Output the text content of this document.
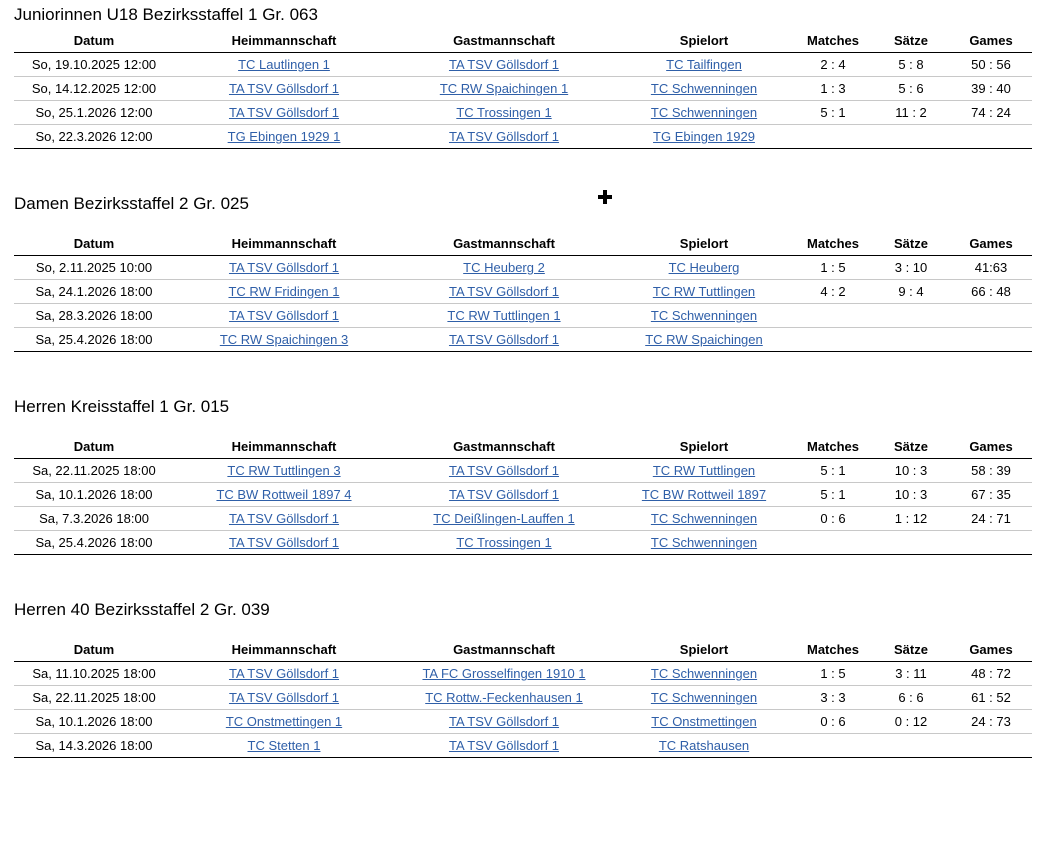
Juniorinnen U18 Bezirksstaffel 1 Gr. 063
Datum	Heimmannschaft	Gastmannschaft	Spielort	Matches	Sätze	Games
So, 19.10.2025 12:00	TC Lautlingen 1	TA TSV Göllsdorf 1	TC Tailfingen	2 : 4	5 : 8	50 : 56
So, 14.12.2025 12:00	TA TSV Göllsdorf 1	TC RW Spaichingen 1	TC Schwenningen	1 : 3	5 : 6	39 : 40
So, 25.1.2026 12:00	TA TSV Göllsdorf 1	TC Trossingen 1	TC Schwenningen	5 : 1	11 : 2	74 : 24
So, 22.3.2026 12:00	TG Ebingen 1929 1	TA TSV Göllsdorf 1	TG Ebingen 1929			
Damen Bezirksstaffel 2 Gr. 025
Datum	Heimmannschaft	Gastmannschaft	Spielort	Matches	Sätze	Games
So, 2.11.2025 10:00	TA TSV Göllsdorf 1	TC Heuberg 2	TC Heuberg	1 : 5	3 : 10	41:63
Sa, 24.1.2026 18:00	TC RW Fridingen 1	TA TSV Göllsdorf 1	TC RW Tuttlingen	4 : 2	9 : 4	66 : 48
Sa, 28.3.2026 18:00	TA TSV Göllsdorf 1	TC RW Tuttlingen 1	TC Schwenningen			
Sa, 25.4.2026 18:00	TC RW Spaichingen 3	TA TSV Göllsdorf 1	TC RW Spaichingen			
Herren Kreisstaffel 1 Gr. 015
Datum	Heimmannschaft	Gastmannschaft	Spielort	Matches	Sätze	Games
Sa, 22.11.2025 18:00	TC RW Tuttlingen 3	TA TSV Göllsdorf 1	TC RW Tuttlingen	5 : 1	10 : 3	58 : 39
Sa, 10.1.2026 18:00	TC BW Rottweil 1897 4	TA TSV Göllsdorf 1	TC BW Rottweil 1897	5 : 1	10 : 3	67 : 35
Sa, 7.3.2026 18:00	TA TSV Göllsdorf 1	TC Deißlingen-Lauffen 1	TC Schwenningen	0 : 6	1 : 12	24 : 71
Sa, 25.4.2026 18:00	TA TSV Göllsdorf 1	TC Trossingen 1	TC Schwenningen			
Herren 40 Bezirksstaffel 2 Gr. 039
Datum	Heimmannschaft	Gastmannschaft	Spielort	Matches	Sätze	Games
Sa, 11.10.2025 18:00	TA TSV Göllsdorf 1	TA FC Grosselfingen 1910 1	TC Schwenningen	1 : 5	3 : 11	48 : 72
Sa, 22.11.2025 18:00	TA TSV Göllsdorf 1	TC Rottw.-Feckenhausen 1	TC Schwenningen	3 : 3	6 : 6	61 : 52
Sa, 10.1.2026 18:00	TC Onstmettingen 1	TA TSV Göllsdorf 1	TC Onstmettingen	0 : 6	0 : 12	24 : 73
Sa, 14.3.2026 18:00	TC Stetten 1	TA TSV Göllsdorf 1	TC Ratshausen			
